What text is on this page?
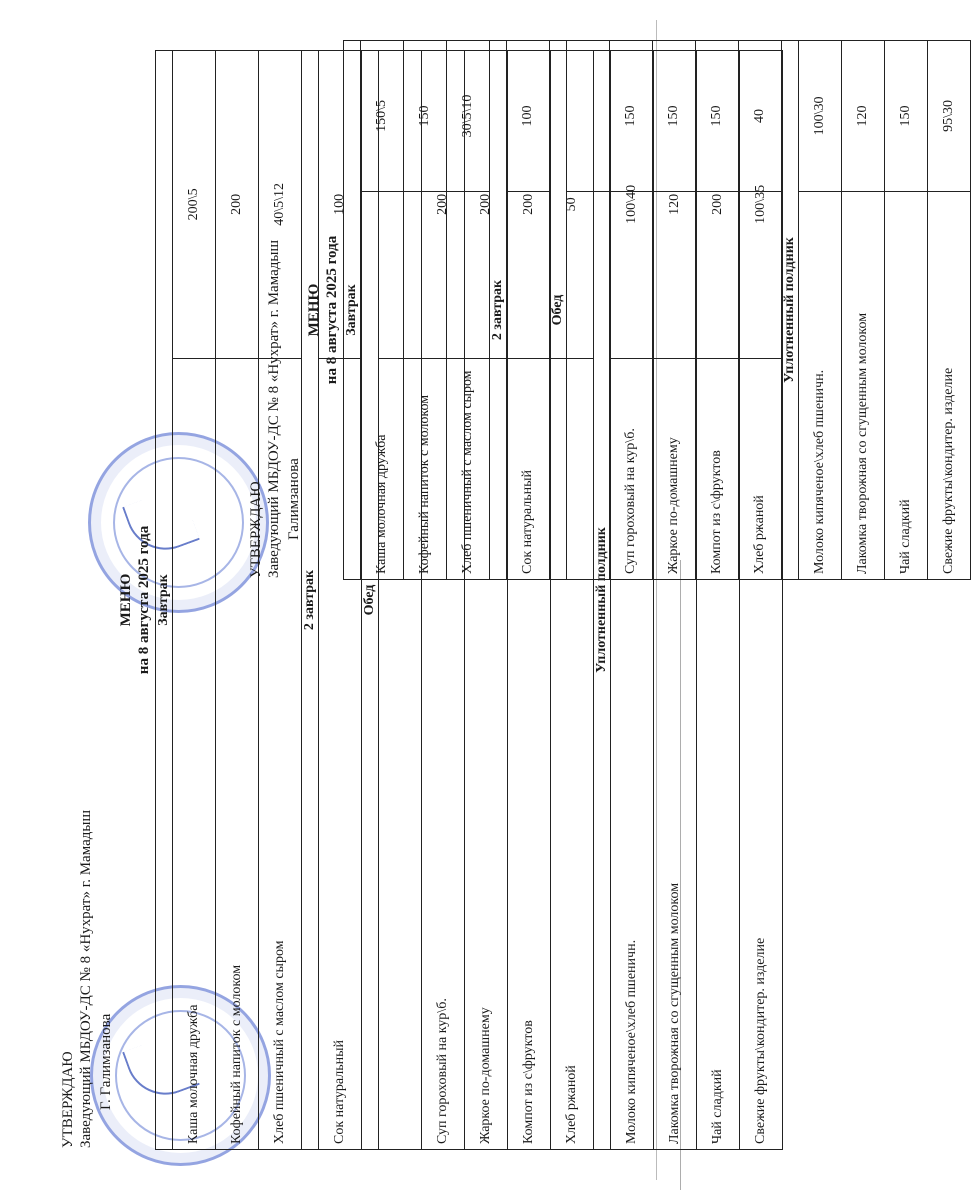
УТВЕРЖДАЮ Заведующий МБДОУ-ДС № 8 «Нухрат» г. Мамадыш Г. Галимзанова
МЕНЮ на 8 августа 2025 года Завтрак	
Каша молочная дружба	200\5
Кофейный напиток с молоком	200
Хлеб пшеничный с маслом сыром	40\5\12
2 завтрак	
Сок натуральный	100
Обед	

Суп гороховый на кур\б.	200
Жаркое по-домашнему	200
Компот из с\фруктов	200
Хлеб ржаной	50
Уплотненный полдник	
Молоко кипяченое\хлеб пшеничн.	100\40
Лакомка творожная со сгущенным молоком	120
Чай сладкий	200
Свежие фрукты\кондитер. изделие	100\35
УТВЕРЖДАЮ Заведующий МБДОУ-ДС № 8 «Нухрат» г. Мамадыш Галимзанова
МЕНЮ на 8 августа 2025 года Завтрак	
Каша молочная дружба	150\5
Кофейный напиток с молоком	150
Хлеб пшеничный с маслом сыром	30\5\10
2 завтрак	
Сок натуральный	100
Обед	

Суп гороховый на кур\б.	150
Жаркое по-домашнему	150
Компот из с\фруктов	150
Хлеб ржаной	40
Уплотненный полдник	
Молоко кипяченое\хлеб пшеничн.	100\30
Лакомка творожная со сгущенным молоком	120
Чай сладкий	150
Свежие фрукты\кондитер. изделие	95\30
